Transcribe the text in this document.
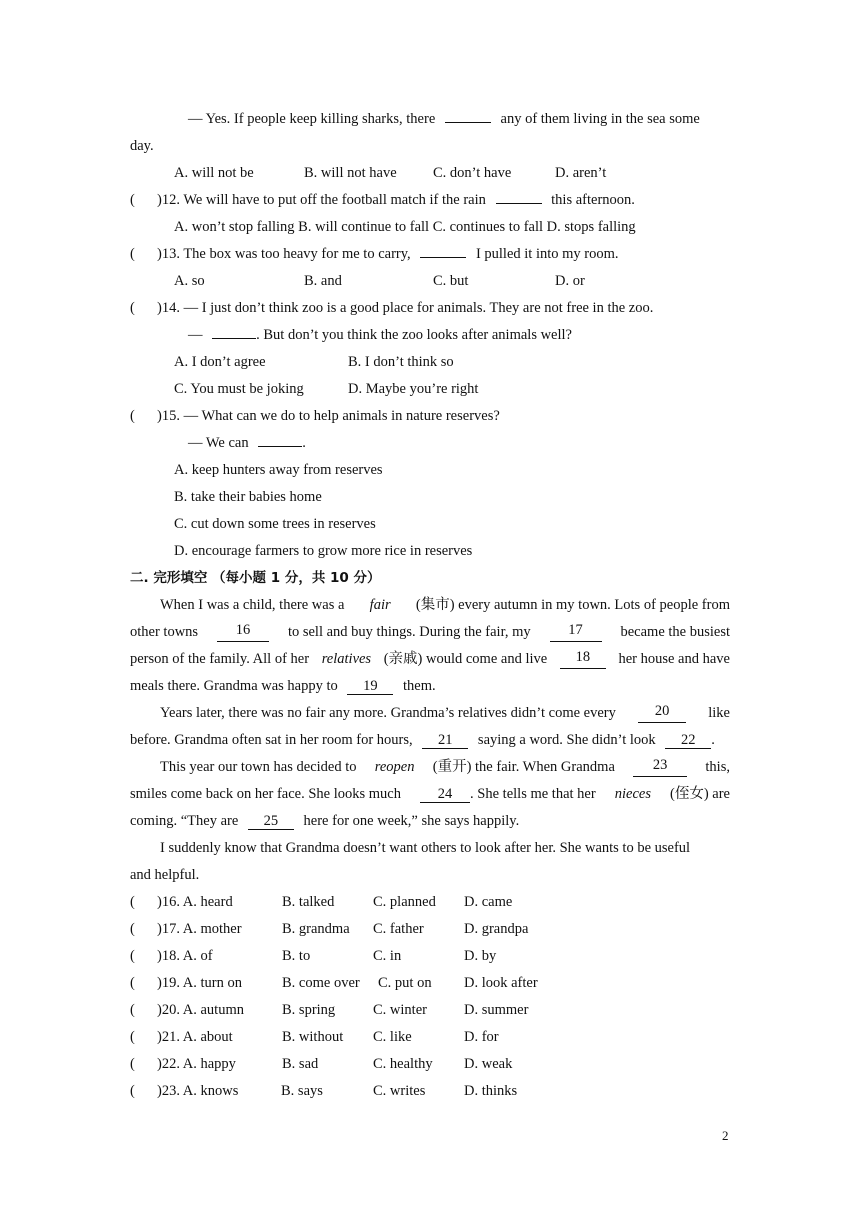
— Yes. If people keep killing sharks, there	any of them living in the sea some
day.
A. will not be	B. will not have	C. don’t have	D. aren’t
( )12. We will have to put off the football match if the rain	this afternoon.
A. won’t stop falling B. will continue to fall C. continues to fall D. stops falling
( )13. The box was too heavy for me to carry,	I pulled it into my room.
A. so	B. and	C. but	D. or
( )14. — I just don’t think zoo is a good place for animals. They are not free in the zoo.
—	. But don’t you think the zoo looks after animals well?
A. I don’t agree	B. I don’t think so
C. You must be joking	D. Maybe you’re right
( )15. — What can we do to help animals in nature reserves?
— We can	.
A. keep hunters away from reserves
B. take their babies home
C. cut down some trees in reserves
D. encourage farmers to grow more rice in reserves
二. 完形填空 （每小题 1 分，共 10 分）
When I was a child, there was a fair (集市) every autumn in my town. Lots of people from
other towns	16	to sell and buy things. During the fair, my	17	became the busiest
person of the family. All of her relatives (亲戚) would come and live	18	her house and have
meals there. Grandma was happy to 19 them.
Years later, there was no fair any more. Grandma’s relatives didn’t come every	20	like
before. Grandma often sat in her room for hours, 21 saying a word. She didn’t look 22 .
This year our town has decided to reopen (重开) the fair. When Grandma	23	this,
smiles come back on her face. She looks much	24 . She tells me that her nieces (侄女) are
coming. “They are 25 here for one week,” she says happily.
I suddenly know that Grandma doesn’t want others to look after her. She wants to be useful
and helpful.
( )16. A. heard	B. talked	C. planned D. came
( )17. A. mother	B. grandma C. father	D. grandpa
( )18. A. of	B. to	C. in	D. by
( )19. A. turn on	B. come over C. put on D. look after
( )20. A. autumn	B. spring	C. winter	D. summer
( )21. A. about	B. without C. like	D. for
( )22. A. happy	B. sad	C. healthy D. weak
( )23. A. knows	B. says	C. writes	D. thinks
2
